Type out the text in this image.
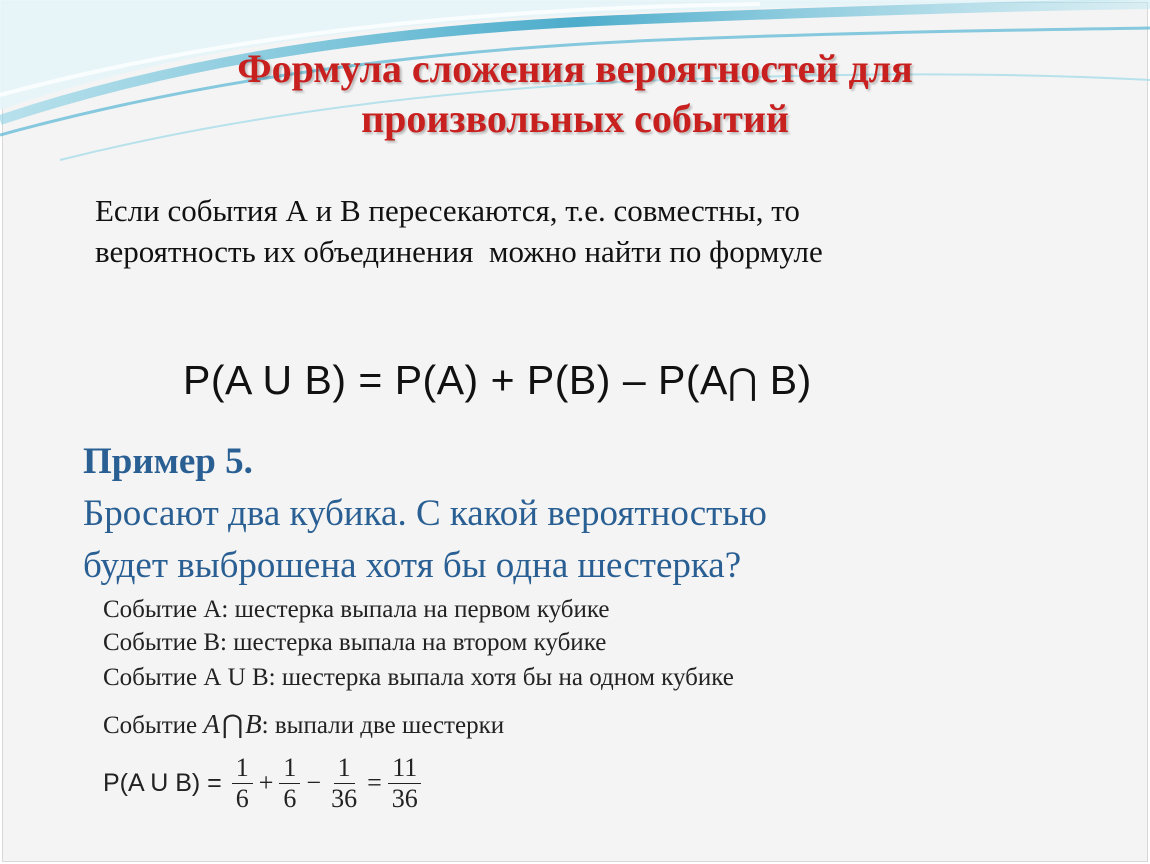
Формула сложения вероятностей для
произвольных событий
Если события А и В пересекаются, т.е. совместны, то
вероятность их объединения  можно найти по формуле
P(A U B) = P(A) + P(B) – P(A⋂ B)
Пример 5.
Бросают два кубика. С какой вероятностью
будет выброшена хотя бы одна шестерка?
Событие А: шестерка выпала на первом кубике
Событие В: шестерка выпала на втором кубике
Событие А U В: шестерка выпала хотя бы на одном кубике
Событие A⋂B: выпали две шестерки
P(A U $B) = \frac{1}{6} + \frac{1}{6} - \frac{1}{36} = \frac{11}{36}$
